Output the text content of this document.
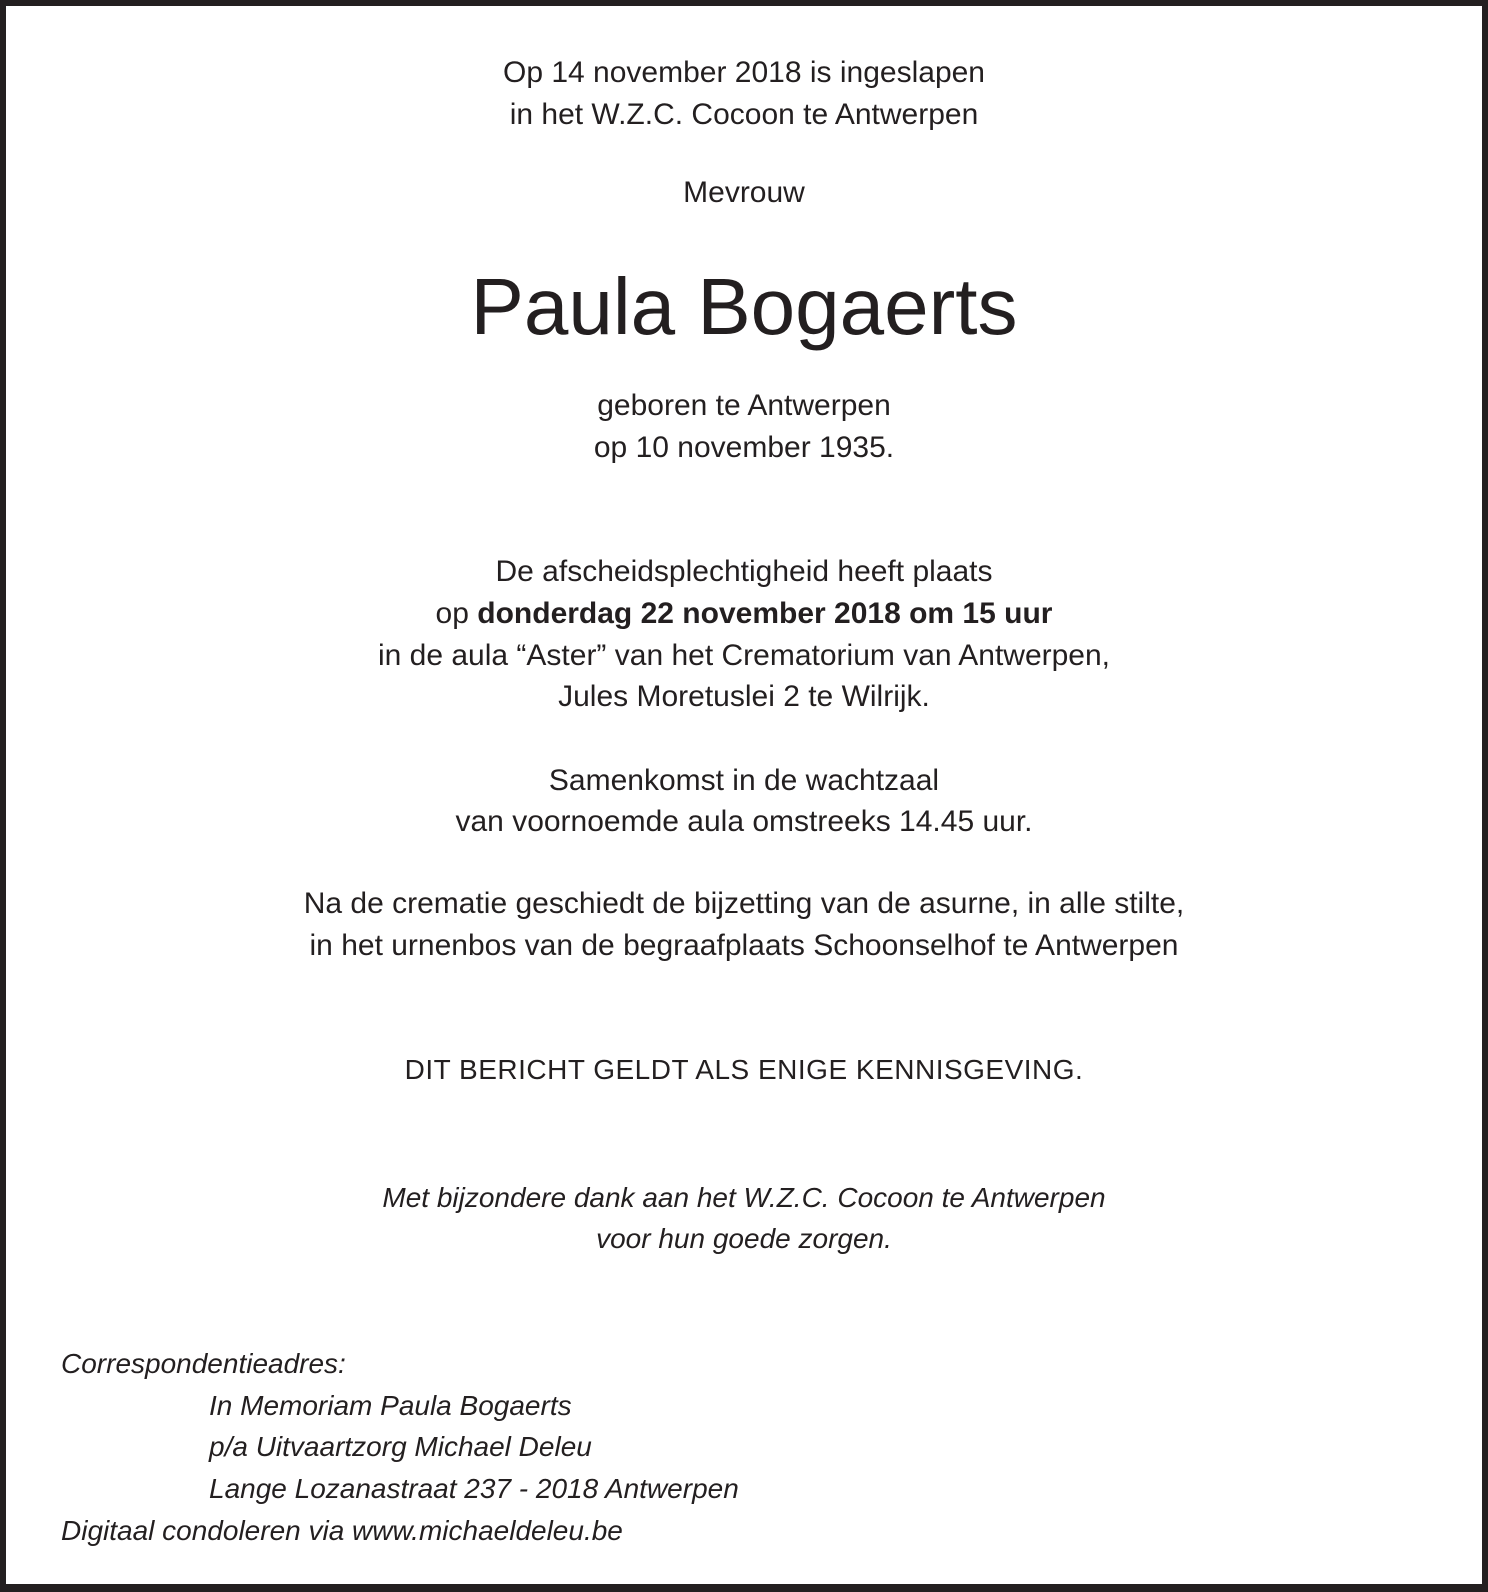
Op 14 november 2018 is ingeslapen
in het W.Z.C. Cocoon te Antwerpen
Mevrouw
Paula Bogaerts
geboren te Antwerpen
op 10 november 1935.
De afscheidsplechtigheid heeft plaats
op donderdag 22 november 2018 om 15 uur
in de aula “Aster” van het Crematorium van Antwerpen,
Jules Moretuslei 2 te Wilrijk.
Samenkomst in de wachtzaal
van voornoemde aula omstreeks 14.45 uur.
Na de crematie geschiedt de bijzetting van de asurne, in alle stilte,
in het urnenbos van de begraafplaats Schoonselhof te Antwerpen
DIT BERICHT GELDT ALS ENIGE KENNISGEVING.
Met bijzondere dank aan het W.Z.C. Cocoon te Antwerpen
voor hun goede zorgen.
Correspondentieadres:
In Memoriam Paula Bogaerts
p/a Uitvaartzorg Michael Deleu
Lange Lozanastraat 237 - 2018 Antwerpen
Digitaal condoleren via www.michaeldeleu.be
